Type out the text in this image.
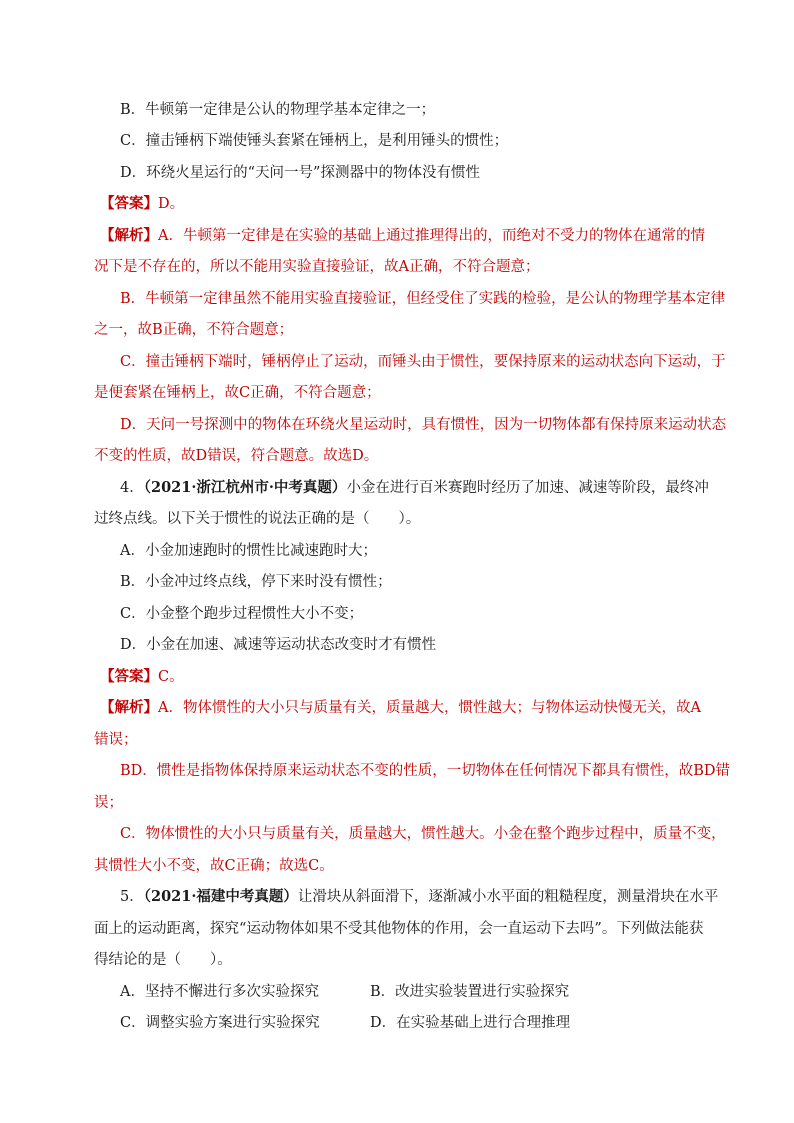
B．牛顿第一定律是公认的物理学基本定律之一；
C．撞击锤柄下端使锤头套紧在锤柄上，是利用锤头的惯性；
D．环绕火星运行的“天问一号”探测器中的物体没有惯性
【答案】D。
【解析】A．牛顿第一定律是在实验的基础上通过推理得出的，而绝对不受力的物体在通常的情
况下是不存在的，所以不能用实验直接验证，故A正确，不符合题意；
B．牛顿第一定律虽然不能用实验直接验证，但经受住了实践的检验，是公认的物理学基本定律
之一，故B正确，不符合题意；
C．撞击锤柄下端时，锤柄停止了运动，而锤头由于惯性，要保持原来的运动状态向下运动，于
是便套紧在锤柄上，故C正确，不符合题意；
D．天问一号探测中的物体在环绕火星运动时，具有惯性，因为一切物体都有保持原来运动状态
不变的性质，故D错误，符合题意。故选D。
4．（2021·浙江杭州市·中考真题）小金在进行百米赛跑时经历了加速、减速等阶段，最终冲
过终点线。以下关于惯性的说法正确的是（　　）。
A．小金加速跑时的惯性比减速跑时大；
B．小金冲过终点线，停下来时没有惯性；
C．小金整个跑步过程惯性大小不变；
D．小金在加速、减速等运动状态改变时才有惯性
【答案】C。
【解析】A．物体惯性的大小只与质量有关，质量越大，惯性越大；与物体运动快慢无关，故A
错误；
BD．惯性是指物体保持原来运动状态不变的性质，一切物体在任何情况下都具有惯性，故BD错
误；
C．物体惯性的大小只与质量有关，质量越大，惯性越大。小金在整个跑步过程中，质量不变，
其惯性大小不变，故C正确；故选C。
5．（2021·福建中考真题）让滑块从斜面滑下，逐渐减小水平面的粗糙程度，测量滑块在水平
面上的运动距离，探究“运动物体如果不受其他物体的作用，会一直运动下去吗”。下列做法能获
得结论的是（　　）。
A．坚持不懈进行多次实验探究	B．改进实验装置进行实验探究
C．调整实验方案进行实验探究	D．在实验基础上进行合理推理
